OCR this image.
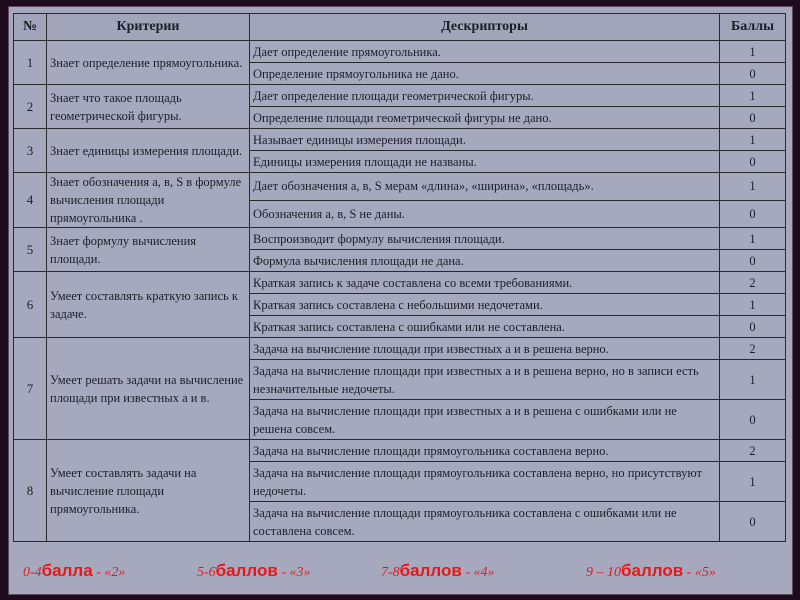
№	Критерии	Дескрипторы	Баллы
1	Знает определение прямоугольника.	Дает определение прямоугольника.	1
		Определение прямоугольника не дано.	0
2	Знает что такое площадь геометрической фигуры.	Дает определение площади геометрической фигуры.	1
		Определение площади геометрической фигуры не дано.	0
3	Знает единицы измерения площади.	Называет единицы измерения площади.	1
		Единицы измерения площади не названы.	0
4	Знает обозначения а, в, S в формуле вычисления площади прямоугольника .	Дает обозначения а, в, S мерам «длина», «ширина», «площадь».	1
		Обозначения а, в, S не даны.	0
5	Знает формулу вычисления площади.	Воспроизводит формулу вычисления площади.	1
		Формула вычисления площади не дана.	0
6	Умеет составлять краткую запись к задаче.	Краткая запись к задаче составлена со всеми требованиями.	2
		Краткая запись составлена с небольшими недочетами.	1
		Краткая запись составлена с ошибками или не составлена.	0
7	Умеет решать задачи на вычисление площади при известных а и в.	Задача на вычисление площади при известных а и в решена верно.	2
		Задача на вычисление площади при известных а и в решена верно, но в записи есть незначительные недочеты.	1
		Задача на вычисление площади при известных а и в решена с ошибками или не решена совсем.	0
8	Умеет составлять задачи на вычисление площади прямоугольника.	Задача на вычисление площади прямоугольника составлена верно.	2
		Задача на вычисление площади прямоугольника составлена верно, но присутствуют недочеты.	1
		Задача на вычисление площади прямоугольника составлена с ошибками или не составлена совсем.	0
0-4балла - «2»	5-6баллов - «3»	7-8баллов - «4»	9 – 10баллов - «5»
